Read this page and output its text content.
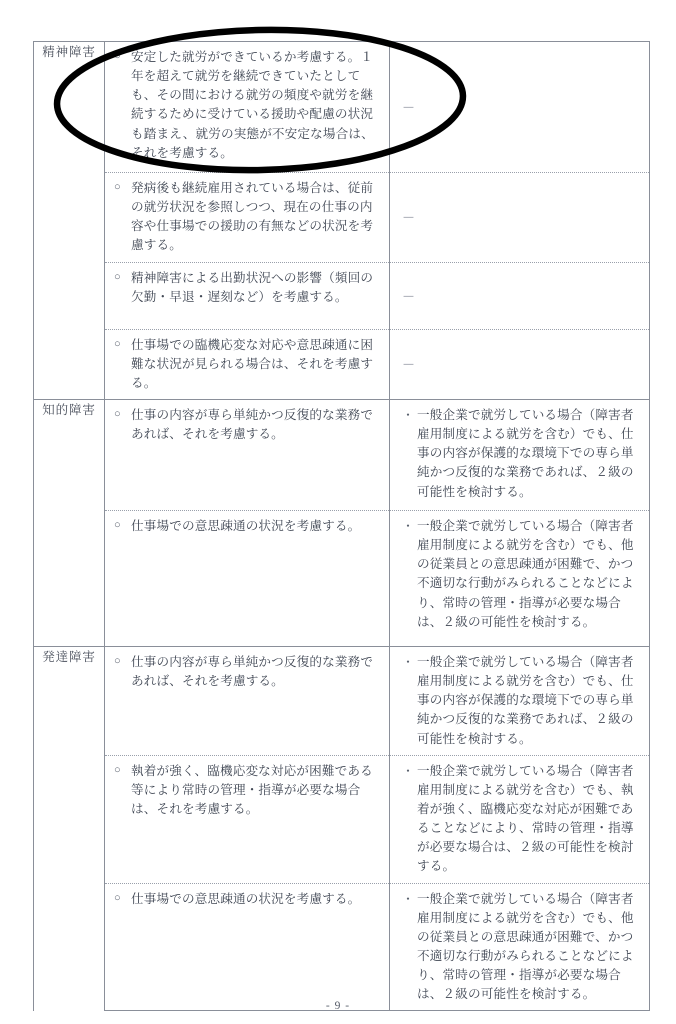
精神障害	○ 安定した就労ができているか考慮する。１年を超えて就労を継続できていたとしても、その間における就労の頻度や就労を継続するために受けている援助や配慮の状況も踏まえ、就労の実態が不安定な場合は、それを考慮する。	－

	○ 発病後も継続雇用されている場合は、従前の就労状況を参照しつつ、現在の仕事の内容や仕事場での援助の有無などの状況を考慮する。	－

	○ 精神障害による出勤状況への影響（頻回の欠勤・早退・遅刻など）を考慮する。	－

	○ 仕事場での臨機応変な対応や意思疎通に困難な状況が見られる場合は、それを考慮する。	－

知的障害	○ 仕事の内容が専ら単純かつ反復的な業務であれば、それを考慮する。	・ 一般企業で就労している場合（障害者雇用制度による就労を含む）でも、仕事の内容が保護的な環境下での専ら単純かつ反復的な業務であれば、２級の可能性を検討する。

	○ 仕事場での意思疎通の状況を考慮する。	・ 一般企業で就労している場合（障害者雇用制度による就労を含む）でも、他の従業員との意思疎通が困難で、かつ不適切な行動がみられることなどにより、常時の管理・指導が必要な場合は、２級の可能性を検討する。

発達障害	○ 仕事の内容が専ら単純かつ反復的な業務であれば、それを考慮する。	・ 一般企業で就労している場合（障害者雇用制度による就労を含む）でも、仕事の内容が保護的な環境下での専ら単純かつ反復的な業務であれば、２級の可能性を検討する。

	○ 執着が強く、臨機応変な対応が困難である等により常時の管理・指導が必要な場合は、それを考慮する。	・ 一般企業で就労している場合（障害者雇用制度による就労を含む）でも、執着が強く、臨機応変な対応が困難であることなどにより、常時の管理・指導が必要な場合は、２級の可能性を検討する。

	○ 仕事場での意思疎通の状況を考慮する。	・ 一般企業で就労している場合（障害者雇用制度による就労を含む）でも、他の従業員との意思疎通が困難で、かつ不適切な行動がみられることなどにより、常時の管理・指導が必要な場合は、２級の可能性を検討する。
- 9 -
